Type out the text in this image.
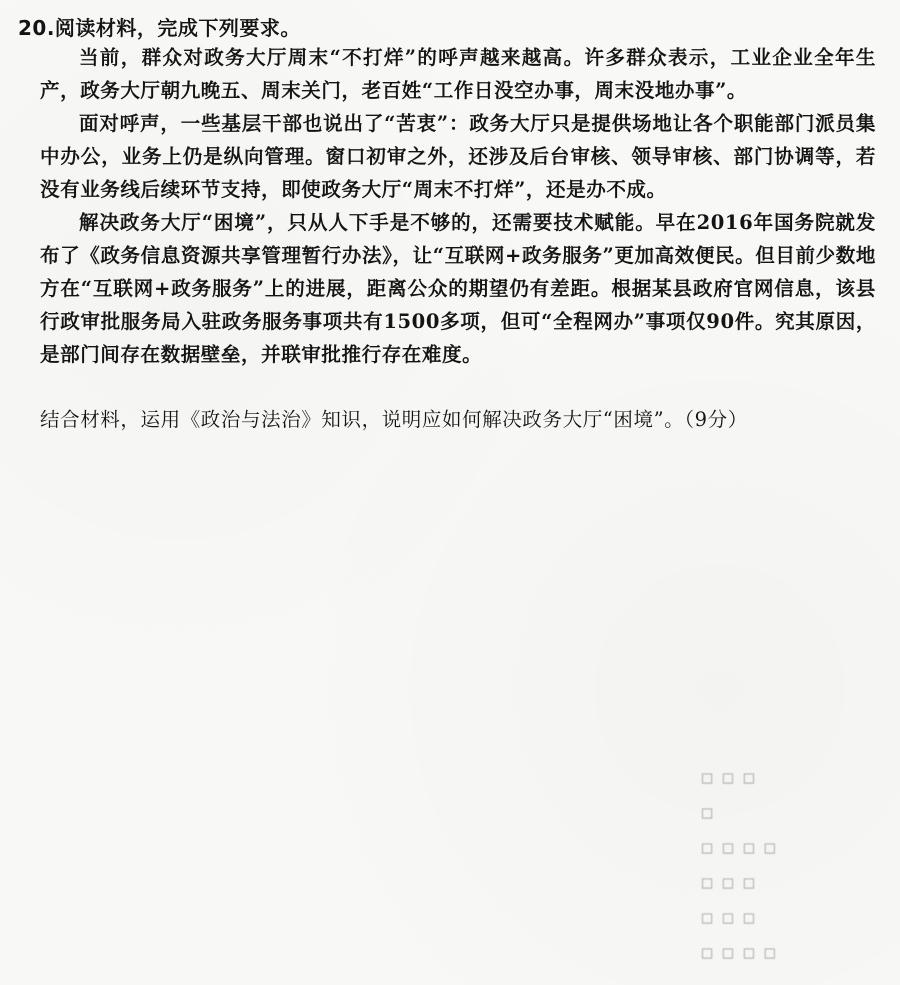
20.阅读材料，完成下列要求。
当前，群众对政务大厅周末“不打烊”的呼声越来越高。许多群众表示，工业企业全年生产，政务大厅朝九晚五、周末关门，老百姓“工作日没空办事，周末没地办事”。
面对呼声，一些基层干部也说出了“苦衷”：政务大厅只是提供场地让各个职能部门派员集中办公，业务上仍是纵向管理。窗口初审之外，还涉及后台审核、领导审核、部门协调等，若没有业务线后续环节支持，即使政务大厅“周末不打烊”，还是办不成。
解决政务大厅“困境”，只从人下手是不够的，还需要技术赋能。早在2016年国务院就发布了《政务信息资源共享管理暂行办法》，让“互联网+政务服务”更加高效便民。但目前少数地方在“互联网+政务服务”上的进展，距离公众的期望仍有差距。根据某县政府官网信息，该县行政审批服务局入驻政务服务事项共有1500多项，但可“全程网办”事项仅90件。究其原因，是部门间存在数据壁垒，并联审批推行存在难度。
结合材料，运用《政治与法治》知识，说明应如何解决政务大厅“困境”。（9分）
▫ ▫ ▫
▫
▫ ▫ ▫ ▫
▫ ▫ ▫
▫ ▫ ▫
▫ ▫ ▫ ▫
